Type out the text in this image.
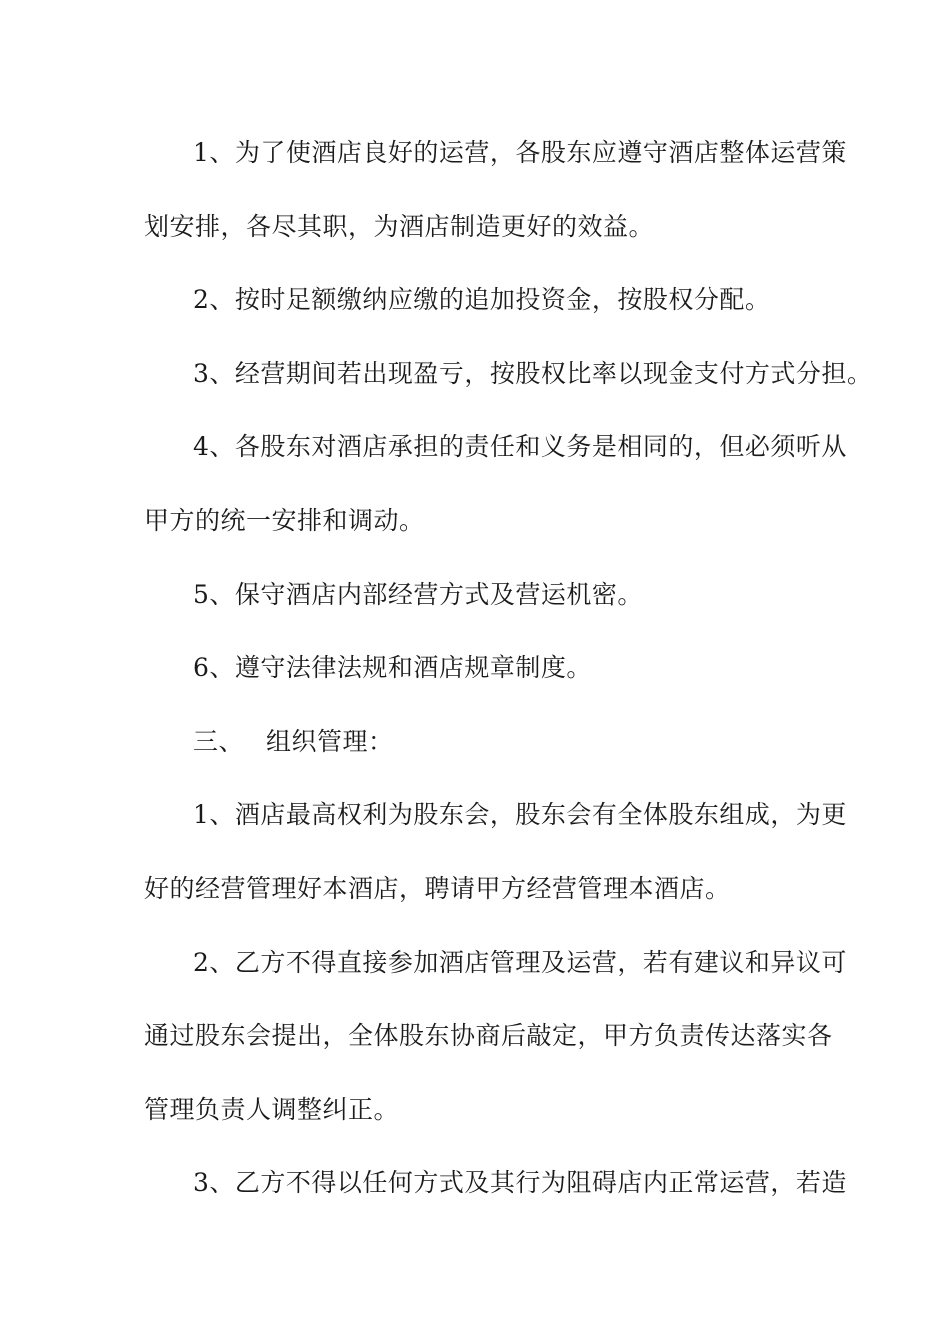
1、为了使酒店良好的运营，各股东应遵守酒店整体运营策
划安排，各尽其职，为酒店制造更好的效益。
2、按时足额缴纳应缴的追加投资金，按股权分配。
3、经营期间若出现盈亏，按股权比率以现金支付方式分担。
4、各股东对酒店承担的责任和义务是相同的，但必须听从
甲方的统一安排和调动。
5、保守酒店内部经营方式及营运机密。
6、遵守法律法规和酒店规章制度。
三、 组织管理：
1、酒店最高权利为股东会，股东会有全体股东组成，为更
好的经营管理好本酒店，聘请甲方经营管理本酒店。
2、乙方不得直接参加酒店管理及运营，若有建议和异议可
通过股东会提出，全体股东协商后敲定，甲方负责传达落实各
管理负责人调整纠正。
3、乙方不得以任何方式及其行为阻碍店内正常运营，若造
